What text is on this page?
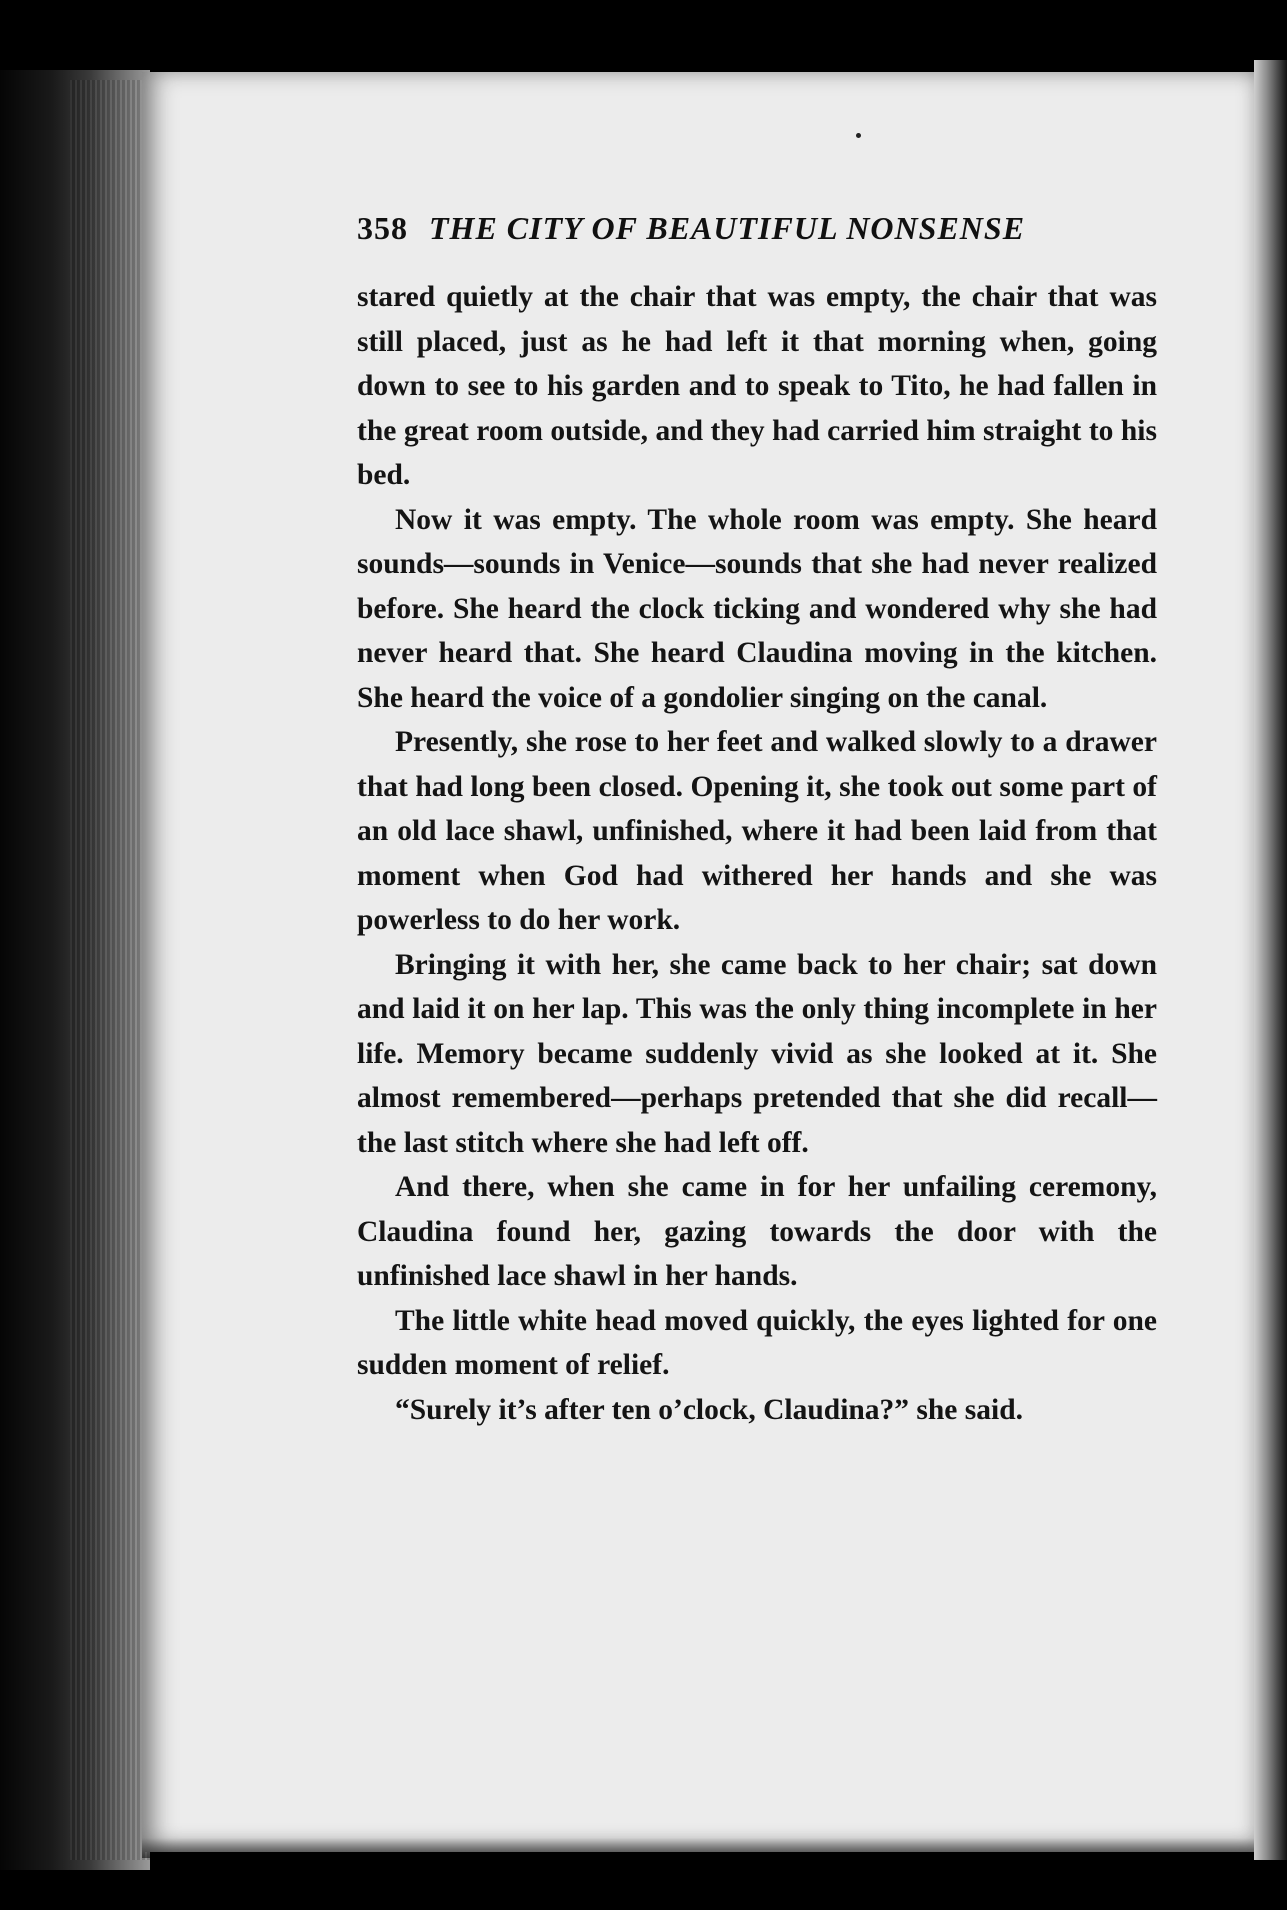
358 THE CITY OF BEAUTIFUL NONSENSE

stared quietly at the chair that was empty, the chair that was still placed, just as he had left it that morning when, going down to see to his garden and to speak to Tito, he had fallen in the great room outside, and they had carried him straight to his bed.

Now it was empty. The whole room was empty. She heard sounds—sounds in Venice—sounds that she had never realized before. She heard the clock ticking and wondered why she had never heard that. She heard Claudina moving in the kitchen. She heard the voice of a gondolier singing on the canal.

Presently, she rose to her feet and walked slowly to a drawer that had long been closed. Opening it, she took out some part of an old lace shawl, unfinished, where it had been laid from that moment when God had withered her hands and she was powerless to do her work.

Bringing it with her, she came back to her chair; sat down and laid it on her lap. This was the only thing incomplete in her life. Memory became suddenly vivid as she looked at it. She almost remembered—perhaps pretended that she did recall—the last stitch where she had left off.

And there, when she came in for her unfailing ceremony, Claudina found her, gazing towards the door with the unfinished lace shawl in her hands.

The little white head moved quickly, the eyes lighted for one sudden moment of relief.

“Surely it’s after ten o’clock, Claudina?” she said.
